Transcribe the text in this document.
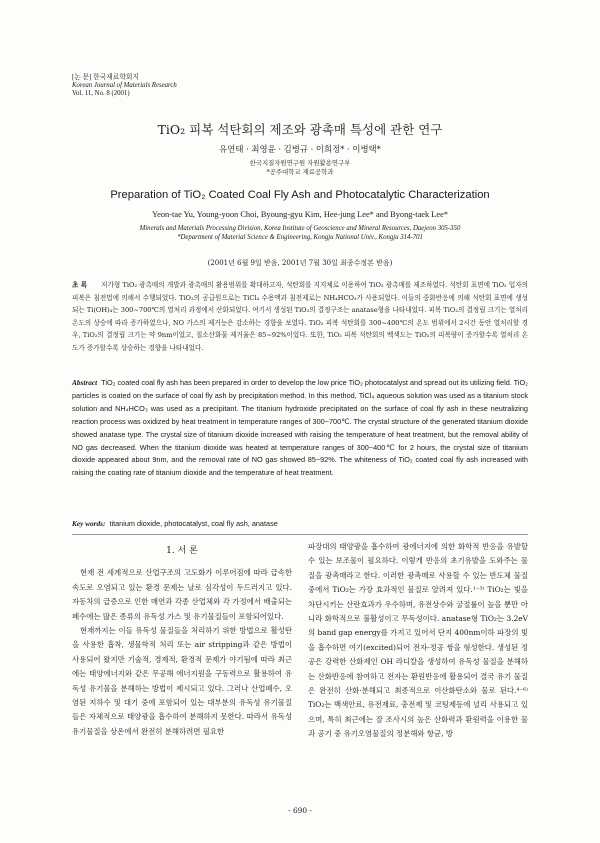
[논 문] 한국재료학회지
Korean Journal of Materials Research
Vol. 11, No. 8 (2001)
TiO₂ 피복 석탄회의 제조와 광촉매 특성에 관한 연구
유연태 · 최영윤 · 김병규 · 이희정* · 이병택*
한국지질자원연구원 자원활용연구부
*공주대학교 재료공학과
Preparation of TiO₂ Coated Coal Fly Ash and Photocatalytic Characterization
Yeon-tae Yu, Young-yoon Choi, Byoung-gyu Kim, Hee-jung Lee* and Byong-taek Lee*
Minerals and Materials Processing Division, Korea Institute of Geoscience and Mineral Resources, Daejeon 305-350
*Department of Material Science & Engineering, Kongju National Univ., Kongju 314-701
(2001년 6월 9일 받음, 2001년 7월 30일 최종수정본 받음)
초 록 저가형 TiO₂ 광촉매의 개발과 광촉매의 활용범위를 확대하고자, 석탄회를 지지체로 이용하여 TiO₂ 광촉매를 제조하였다. 석탄회 표면에 TiO₂ 입자의 피복은 침전법에 의해서 수행되었다. TiO₂의 공급원으로는 TiCl₄ 수용액과 침전제로는 NH₄HCO₃가 사용되었다. 이들의 중화반응에 의해 석탄회 표면에 생성되는 Ti(OH)₄는 300~700℃의 열처리 과정에서 산화되었다. 여기서 생성된 TiO₂의 결정구조는 anatase형을 나타내었다. 피복 TiO₂의 결정립 크기는 열처리 온도의 상승에 따라 증가하였으나, NO 가스의 제거능은 감소하는 경향을 보였다. TiO₂ 피복 석탄회를 300~400℃의 온도 범위에서 2시간 동안 열처리할 경우, TiO₂의 결정립 크기는 약 9nm이었고, 질소산화물 제거율은 85~92%이었다. 또한, TiO₂ 피복 석탄회의 백색도는 TiO₂의 피복량이 증가할수록 열처리 온도가 증가할수록 상승하는 경향을 나타내었다.
Abstract TiO₂ coated coal fly ash has been prepared in order to develop the low price TiO₂ photocatalyst and spread out its utilizing field. TiO₂ particles is coated on the surface of coal fly ash by precipitation method. In this method, TiCl₄ aqueous solution was used as a titanium stock solution and NH₄HCO₃ was used as a precipitant. The titanium hydroxide precipitated on the surface of coal fly ash in these neutralizing reaction process was oxidized by heat treatment in temperature ranges of 300~700℃. The crystal structure of the generated titanium dioxide showed anatase type. The crystal size of titanium dioxide increased with raising the temperature of heat treatment, but the removal ability of NO gas decreased. When the titanium dioxide was heated at temperature ranges of 300~400℃ for 2 hours, the crystal size of titanium dioxide appeared about 9nm, and the removal rate of NO gas showed 85~92%. The whiteness of TiO₂ coated coal fly ash increased with raising the coating rate of titanium dioxide and the temperature of heat treatment.
Key words: titanium dioxide, photocatalyst, coal fly ash, anatase
1. 서 론

현재 전 세계적으로 산업구조의 고도화가 이루어짐에 따라 급속한 속도로 오염되고 있는 환경 문제는 날로 심각성이 두드러지고 있다. 자동차의 급증으로 인한 매연과 각종 산업체와 각 가정에서 배출되는 폐수에는 많은 종류의 유독성 가스 및 유기물질들이 포함되어있다.

현재까지는 이들 유독성 물질들을 처리하기 위한 방법으로 활성탄을 사용한 흡착, 생물학적 처리 또는 air stripping과 같은 방법이 사용되어 왔지만 기술적, 경제적, 환경적 문제가 야기됨에 따라 최근에는 태양에너지와 같은 무공해 에너지원을 구동력으로 활용하여 유독성 유기물을 분해하는 방법이 제시되고 있다. 그러나 산업폐수, 오염된 지하수 및 대기 중에 포함되어 있는 대부분의 유독성 유기물질들은 자체적으로 태양광을 흡수하여 분해하지 못한다. 따라서 유독성 유기물질을 상온에서 완전히 분해하려면 필요한

파장대의 태양광을 흡수하여 광에너지에 의한 화학적 반응을 유발할 수 있는 보조물이 필요하다. 이렇게 반응의 초기유발을 도와주는 물질을 광촉매라고 한다. 이러한 광촉매로 사용할 수 있는 반도체 물질 중에서 TiO₂는 가장 효과적인 물질로 알려져 있다.¹⁻³⁾ TiO₂는 빛을 차단시키는 산란효과가 우수하며, 유전상수와 굴절률이 높을 뿐만 아니라 화학적으로 불활성이고 무독성이다. anatase형 TiO₂는 3.2eV의 band gap energy를 가지고 있어서 단지 400nm이하 파장의 빛을 흡수하면 여기(excited)되어 전자-정공 쌍을 형성한다. 생성된 정공은 강력한 산화제인 OH 라디칼을 생성하여 유독성 물질을 분해하는 산화반응에 참여하고 전자는 환원반응에 활용되어 결국 유기 물질은 완전히 산화·분해되고 최종적으로 이산화탄소와 물로 된다.⁴⁻⁶⁾ TiO₂는 백색안료, 유전재료, 충전제 및 코팅제등에 널리 사용되고 있으며, 특히 최근에는 잘 조사시의 높은 산화력과 환원력을 이용한 물과 공기 중 유기오염물질의 정분해와 항균, 방

- 690 -
